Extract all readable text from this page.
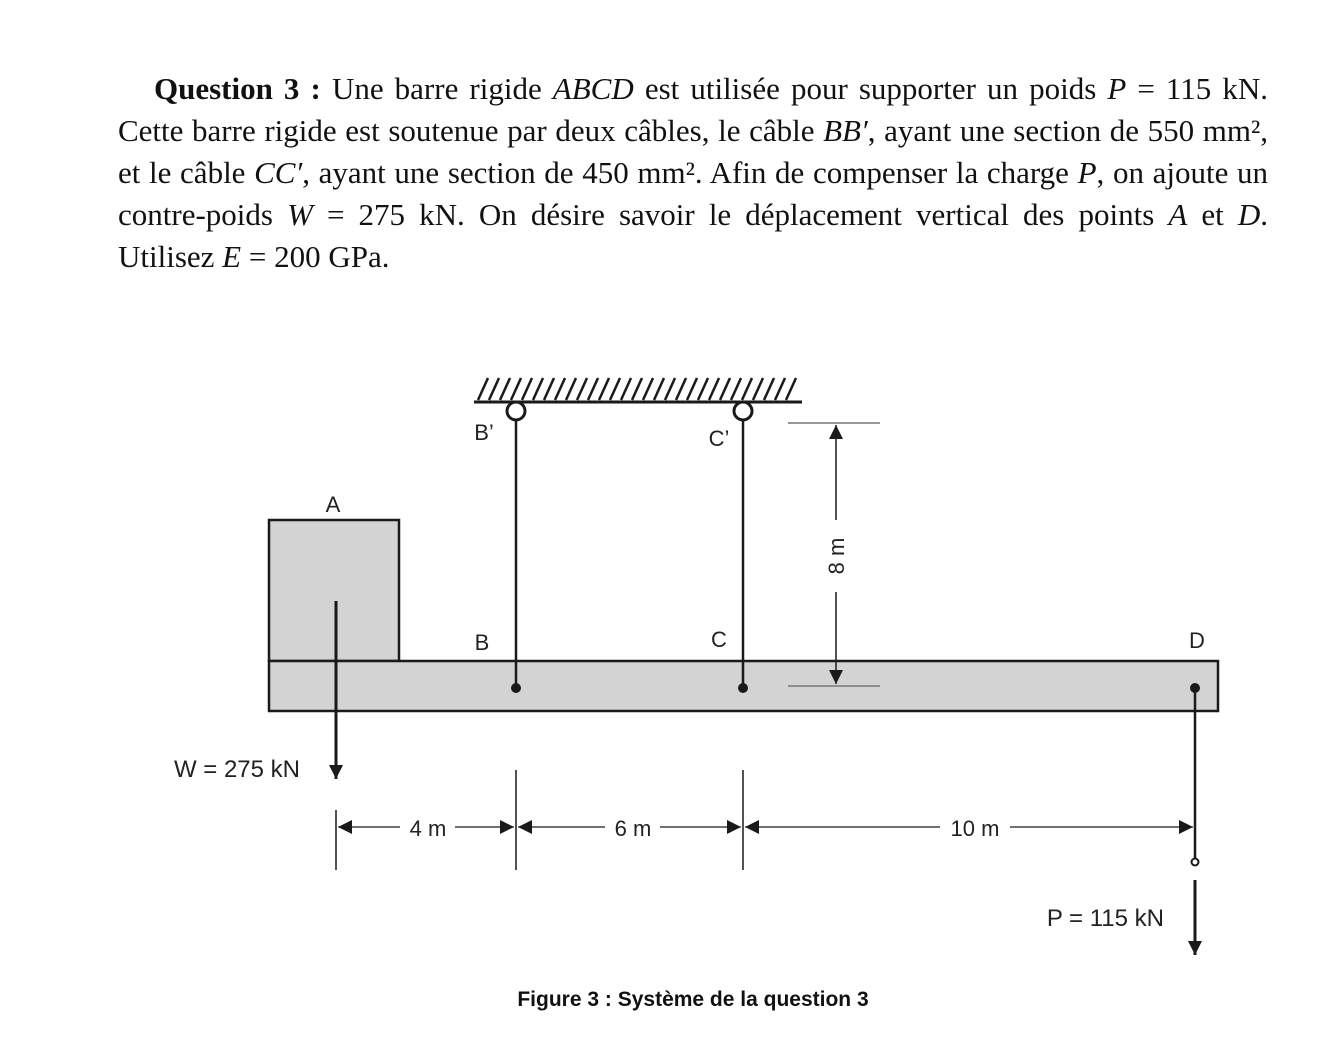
Question 3 : Une barre rigide ABCD est utilisée pour supporter un poids P = 115 kN. Cette barre rigide est soutenue par deux câbles, le câble BB′, ayant une section de 550 mm², et le câble CC′, ayant une section de 450 mm². Afin de compenser la charge P, on ajoute un contre-poids W = 275 kN. On désire savoir le déplacement vertical des points A et D. Utilisez E = 200 GPa.
8 m
4 m	6 m	10 m
A
B’	C’
B	C	D
W = 275 kN
P = 115 kN
Figure 3 : Système de la question 3
